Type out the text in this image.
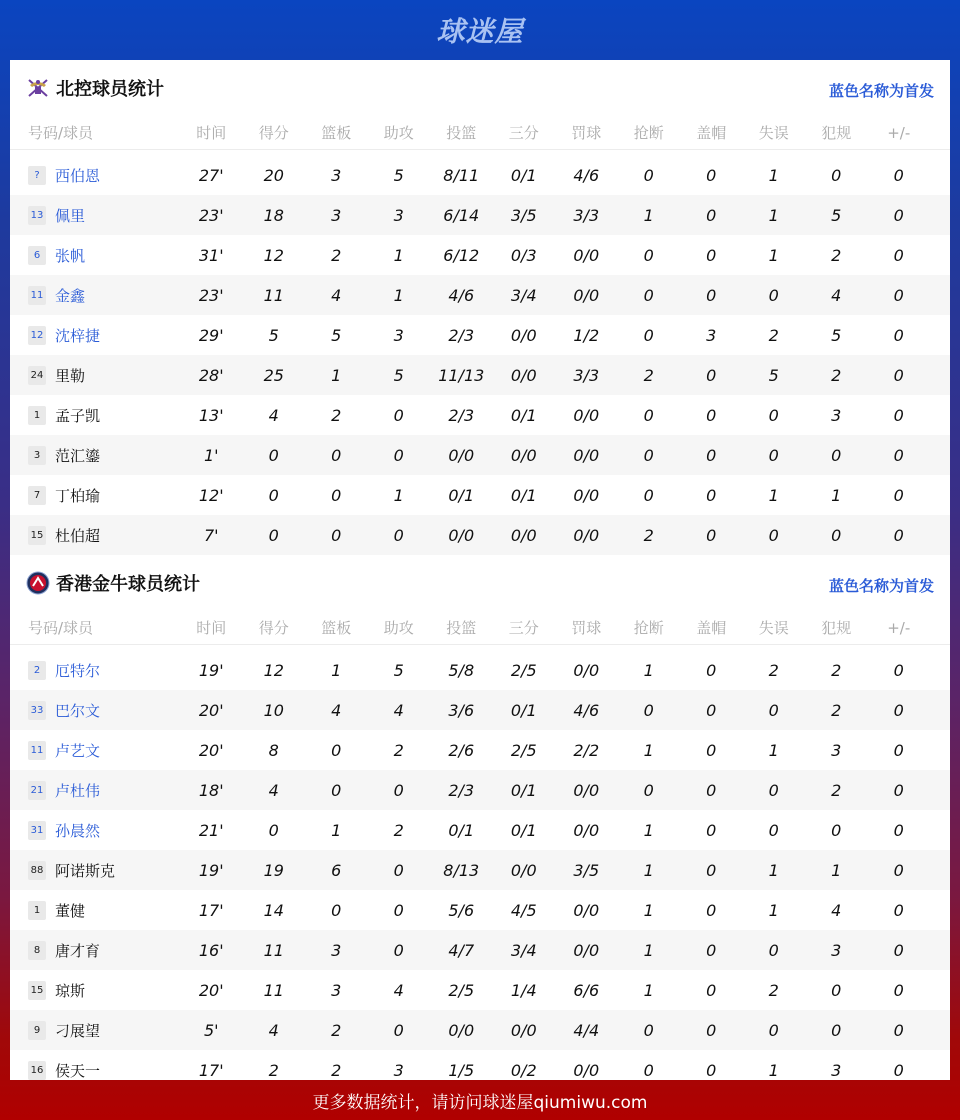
球迷屋
北控球员统计	蓝色名称为首发
号码/球员	时间	得分	篮板	助攻	投篮	三分	罚球	抢断	盖帽	失误	犯规	+/-
?	西伯恩	27'	20	3	5	8/11	0/1	4/6	0	0	1	0	0
13 佩里	23'	18	3	3	6/14	3/5	3/3	1	0	1	5	0
6 张帆	31'	12	2	1	6/12	0/3	0/0	0	0	1	2	0
11 金鑫	23'	11	4	1	4/6	3/4	0/0	0	0	0	4	0
12 沈梓捷	29'	5	5	3	2/3	0/0	1/2	0	3	2	5	0
24 里勒	28'	25	1	5	11/13	0/0	3/3	2	0	5	2	0
1 孟子凯	13'	4	2	0	2/3	0/1	0/0	0	0	0	3	0
3 范汇鎏	1'	0	0	0	0/0	0/0	0/0	0	0	0	0	0
7 丁柏瑜	12'	0	0	1	0/1	0/1	0/0	0	0	1	1	0
15 杜伯超	7'	0	0	0	0/0	0/0	0/0	2	0	0	0	0
香港金牛球员统计	蓝色名称为首发
号码/球员	时间	得分	篮板	助攻	投篮	三分	罚球	抢断	盖帽	失误	犯规	+/-
2 厄特尔	19'	12	1	5	5/8	2/5	0/0	1	0	2	2	0
33 巴尔文	20'	10	4	4	3/6	0/1	4/6	0	0	0	2	0
11 卢艺文	20'	8	0	2	2/6	2/5	2/2	1	0	1	3	0
21 卢杜伟	18'	4	0	0	2/3	0/1	0/0	0	0	0	2	0
31 孙晨然	21'	0	1	2	0/1	0/1	0/0	1	0	0	0	0
88 阿诺斯克	19'	19	6	0	8/13	0/0	3/5	1	0	1	1	0
1 董健	17'	14	0	0	5/6	4/5	0/0	1	0	1	4	0
8 唐才育	16'	11	3	0	4/7	3/4	0/0	1	0	0	3	0
15 琼斯	20'	11	3	4	2/5	1/4	6/6	1	0	2	0	0
9 刁展望	5'	4	2	0	0/0	0/0	4/4	0	0	0	0	0
16 侯天一	17'	2	2	3	1/5	0/2	0/0	0	0	1	3	0
更多数据统计，请访问球迷屋qiumiwu.com
